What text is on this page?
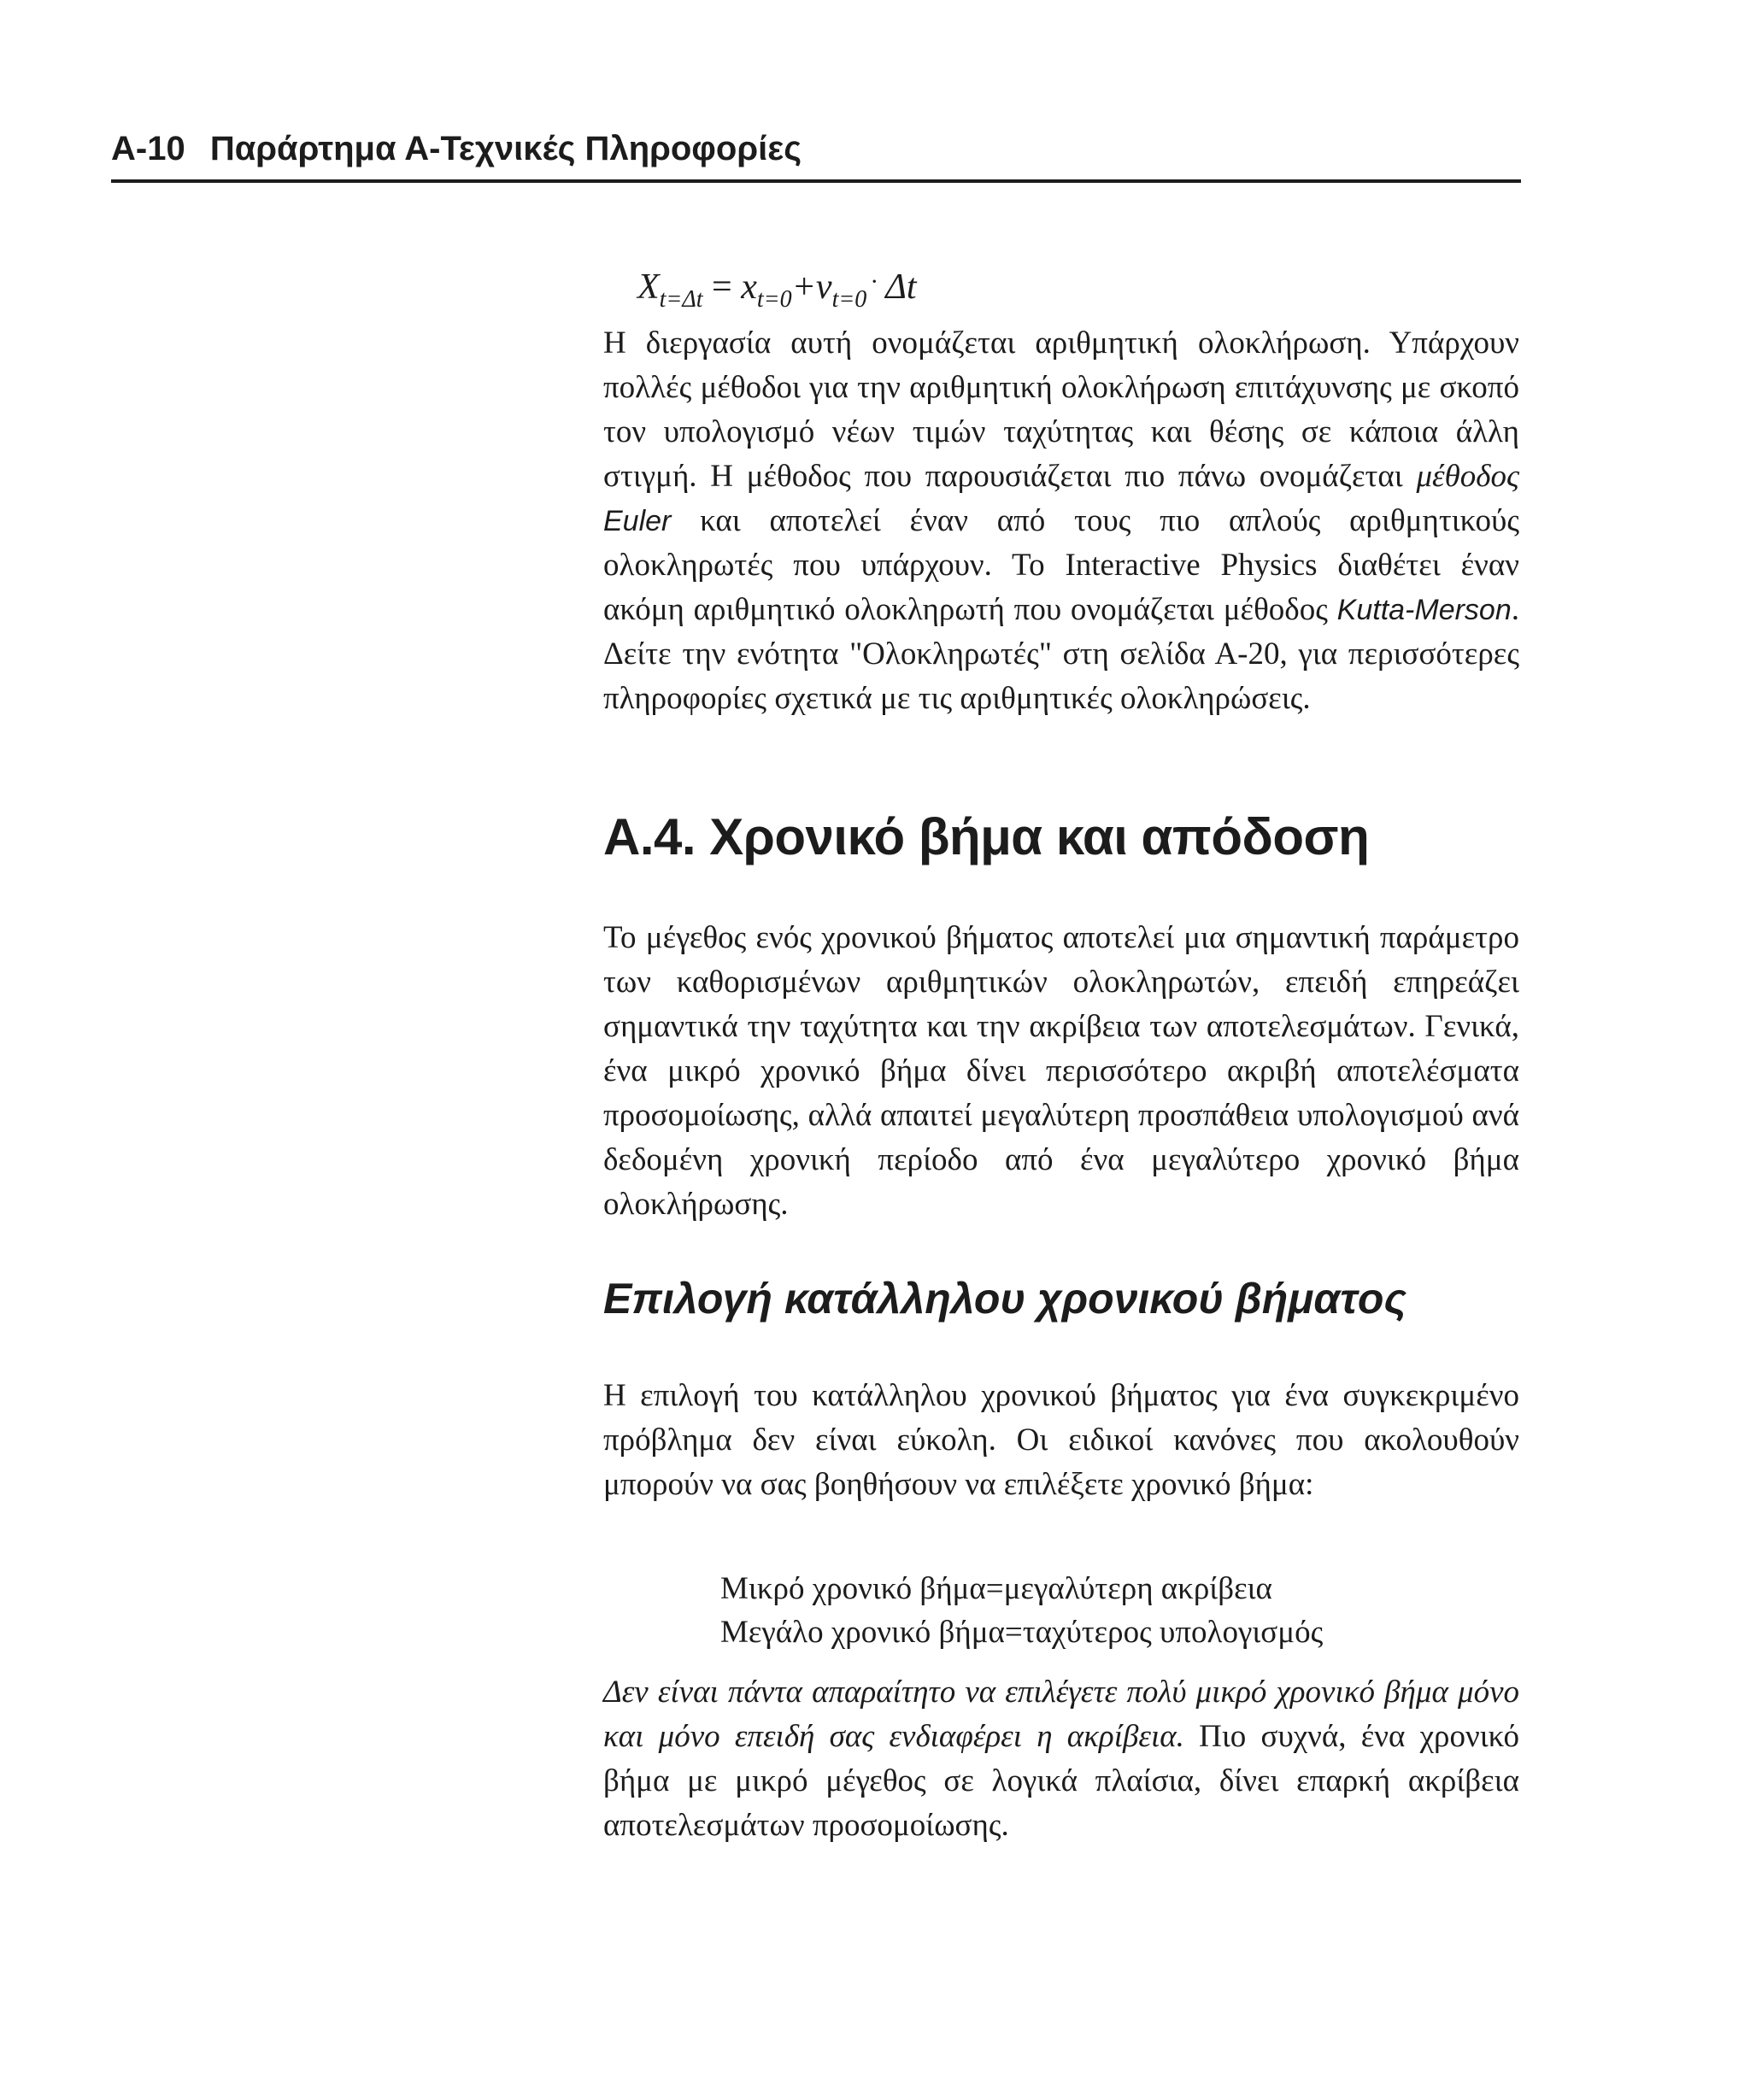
A-10 Παράρτημα Α-Τεχνικές Πληροφορίες
$X_{t=\Delta t} = x_{t=0}+v_{t=0}^\cdot$ Δt

Η διεργασία αυτή ονομάζεται αριθμητική ολοκλήρωση. Υπάρχουν πολλές μέθοδοι για την αριθμητική ολοκλήρωση επιτάχυνσης με σκοπό τον υπολογισμό νέων τιμών ταχύτητας και θέσης σε κάποια άλλη στιγμή. Η μέθοδος που παρουσιάζεται πιο πάνω ονομάζεται μέθοδος Euler και αποτελεί έναν από τους πιο απλούς αριθμητικούς ολοκληρωτές που υπάρχουν. Το Interactive Physics διαθέτει έναν ακόμη αριθμητικό ολοκληρωτή που ονομάζεται μέθοδος Kutta-Merson. Δείτε την ενότητα "Ολοκληρωτές" στη σελίδα Α-20, για περισσότερες πληροφορίες σχετικά με τις αριθμητικές ολοκληρώσεις.

Α.4. Χρονικό βήμα και απόδοση

Το μέγεθος ενός χρονικού βήματος αποτελεί μια σημαντική παράμετρο των καθορισμένων αριθμητικών ολοκληρωτών, επειδή επηρεάζει σημαντικά την ταχύτητα και την ακρίβεια των αποτελεσμάτων. Γενικά, ένα μικρό χρονικό βήμα δίνει περισσότερο ακριβή αποτελέσματα προσομοίωσης, αλλά απαιτεί μεγαλύτερη προσπάθεια υπολογισμού ανά δεδομένη χρονική περίοδο από ένα μεγαλύτερο χρονικό βήμα ολοκλήρωσης.

Επιλογή κατάλληλου χρονικού βήματος

Η επιλογή του κατάλληλου χρονικού βήματος για ένα συγκεκριμένο πρόβλημα δεν είναι εύκολη. Οι ειδικοί κανόνες που ακολουθούν μπορούν να σας βοηθήσουν να επιλέξετε χρονικό βήμα:

Μικρό χρονικό βήμα=μεγαλύτερη ακρίβεια
Μεγάλο χρονικό βήμα=ταχύτερος υπολογισμός

Δεν είναι πάντα απαραίτητο να επιλέγετε πολύ μικρό χρονικό βήμα μόνο και μόνο επειδή σας ενδιαφέρει η ακρίβεια. Πιο συχνά, ένα χρονικό βήμα με μικρό μέγεθος σε λογικά πλαίσια, δίνει επαρκή ακρίβεια αποτελεσμάτων προσομοίωσης.
